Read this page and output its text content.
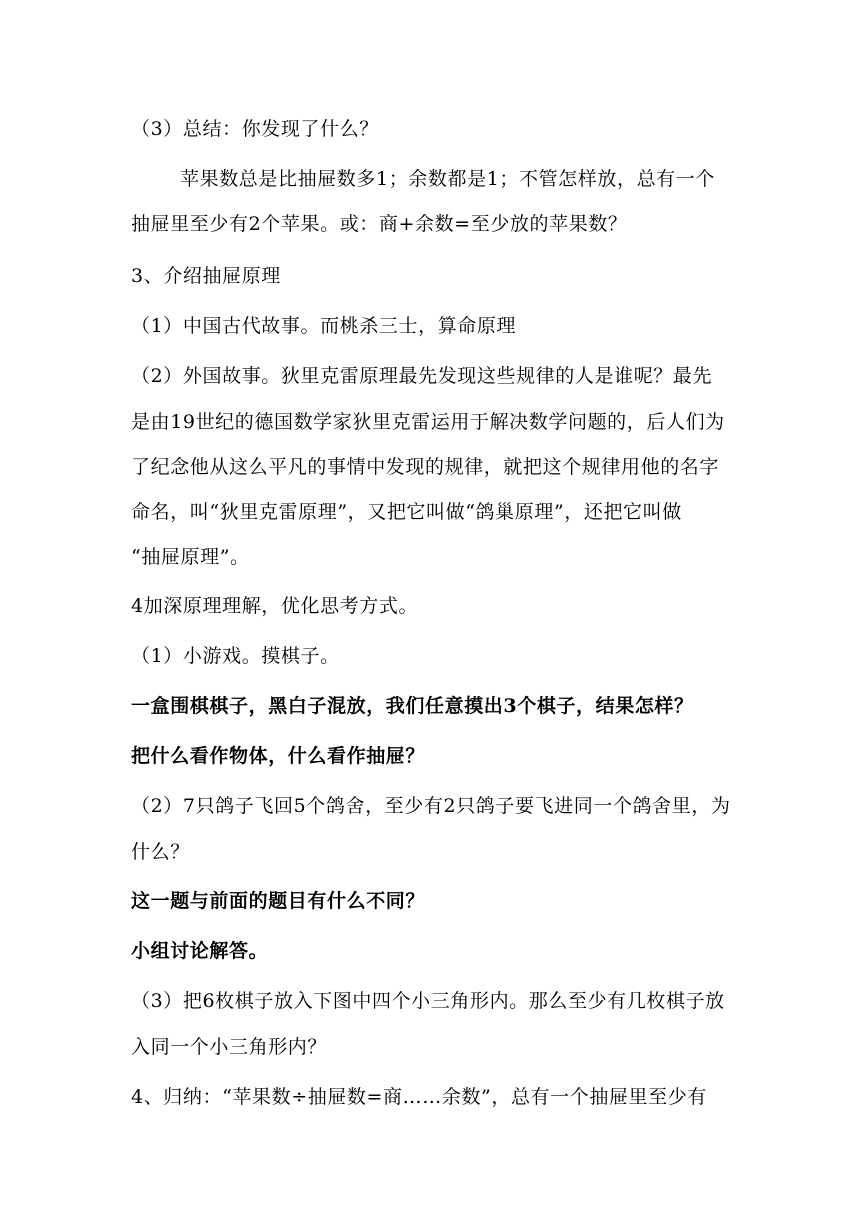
（3）总结：你发现了什么？
苹果数总是比抽屉数多1；余数都是1；不管怎样放，总有一个
抽屉里至少有2个苹果。或：商+余数=至少放的苹果数？
3、介绍抽屉原理
（1）中国古代故事。而桃杀三士，算命原理
（2）外国故事。狄里克雷原理最先发现这些规律的人是谁呢？最先
是由19世纪的德国数学家狄里克雷运用于解决数学问题的，后人们为
了纪念他从这么平凡的事情中发现的规律，就把这个规律用他的名字
命名，叫“狄里克雷原理”，又把它叫做“鸽巢原理”，还把它叫做
“抽屉原理”。
4加深原理理解，优化思考方式。
（1）小游戏。摸棋子。
一盒围棋棋子，黑白子混放，我们任意摸出3个棋子，结果怎样？
把什么看作物体，什么看作抽屉？
（2）7只鸽子飞回5个鸽舍，至少有2只鸽子要飞进同一个鸽舍里，为
什么？
这一题与前面的题目有什么不同？
小组讨论解答。
（3）把6枚棋子放入下图中四个小三角形内。那么至少有几枚棋子放
入同一个小三角形内？
4、归纳：“苹果数÷抽屉数=商……余数”，总有一个抽屉里至少有
